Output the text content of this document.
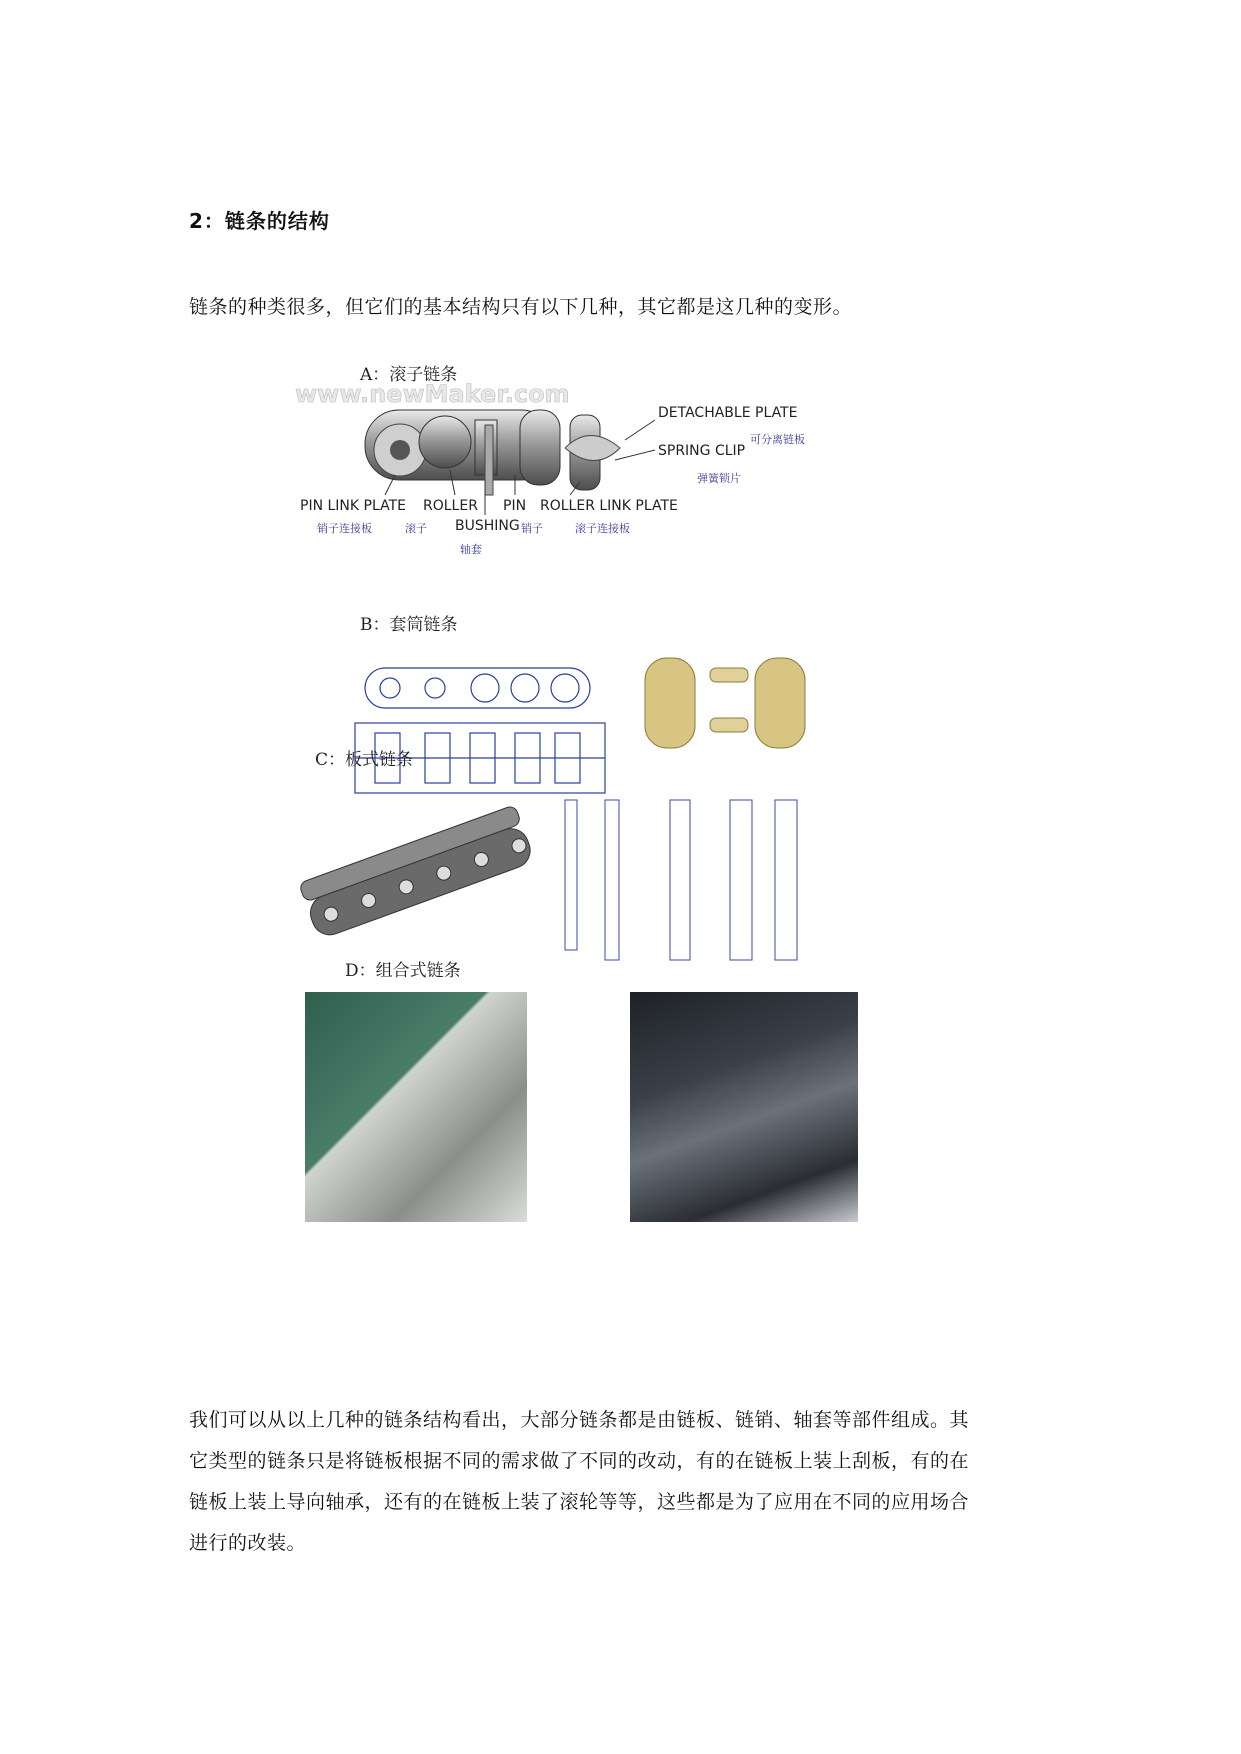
2：链条的结构
链条的种类很多，但它们的基本结构只有以下几种，其它都是这几种的变形。
A：滚子链条
www.newMaker.com
DETACHABLE PLATE
可分离链板
SPRING CLIP
弹簧锁片
PIN LINK PLATE ROLLER PIN ROLLER LINK PLATE
BUSHING
销子连接板	滚子	销子	滚子连接板
轴套
B：套筒链条
C：板式链条
D：组合式链条
我们可以从以上几种的链条结构看出，大部分链条都是由链板、链销、轴套等部件组成。其
它类型的链条只是将链板根据不同的需求做了不同的改动，有的在链板上装上刮板，有的在
链板上装上导向轴承，还有的在链板上装了滚轮等等，这些都是为了应用在不同的应用场合
进行的改装。
